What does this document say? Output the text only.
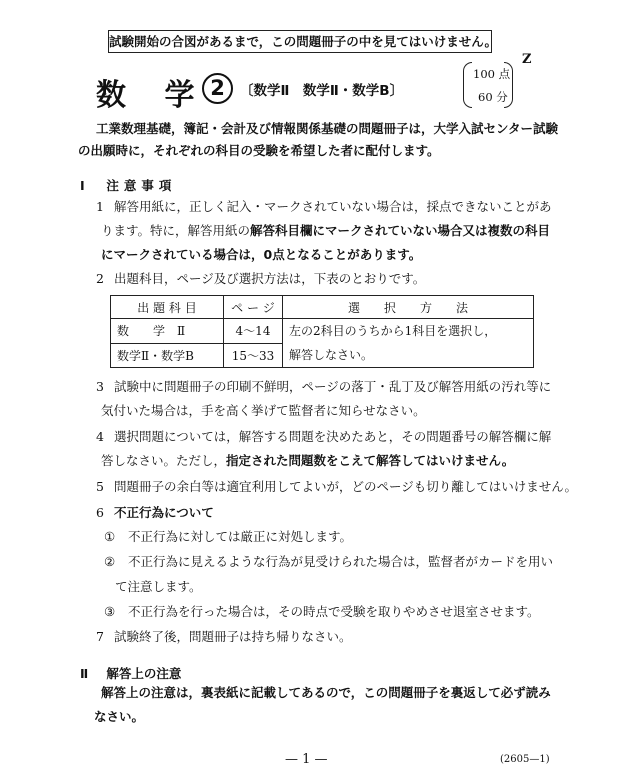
試験開始の合図があるまで，この問題冊子の中を見てはいけません。
Z
数 学 2	〔数学Ⅱ　数学Ⅱ・数学B〕
100 点
60 分
工業数理基礎，簿記・会計及び情報関係基礎の問題冊子は，大学入試センター試験
の出願時に，それぞれの科目の受験を希望した者に配付します。
Ⅰ 注意事項
1 解答用紙に，正しく記入・マークされていない場合は，採点できないことがあ
ります。特に，解答用紙の解答科目欄にマークされていない場合又は複数の科目
にマークされている場合は，0点となることがあります。
2 出題科目，ページ及び選択方法は，下表のとおりです。
出 題 科 目	ペ ー ジ	選　　択　　方　　法
数　　学　Ⅱ	4〜14	左の2科目のうちから1科目を選択し，
解答しなさい。
数学Ⅱ・数学B	15〜33	
3 試験中に問題冊子の印刷不鮮明，ページの落丁・乱丁及び解答用紙の汚れ等に
気付いた場合は，手を高く挙げて監督者に知らせなさい。
4 選択問題については，解答する問題を決めたあと，その問題番号の解答欄に解
答しなさい。ただし，指定された問題数をこえて解答してはいけません。
5 問題冊子の余白等は適宜利用してよいが，どのページも切り離してはいけません。
6 不正行為について
① 不正行為に対しては厳正に対処します。
② 不正行為に見えるような行為が見受けられた場合は，監督者がカードを用い
て注意します。
③ 不正行為を行った場合は，その時点で受験を取りやめさせ退室させます。
7 試験終了後，問題冊子は持ち帰りなさい。
Ⅱ 解答上の注意
解答上の注意は，裏表紙に記載してあるので，この問題冊子を裏返して必ず読み
なさい。
— 1 —	(2605—1)
